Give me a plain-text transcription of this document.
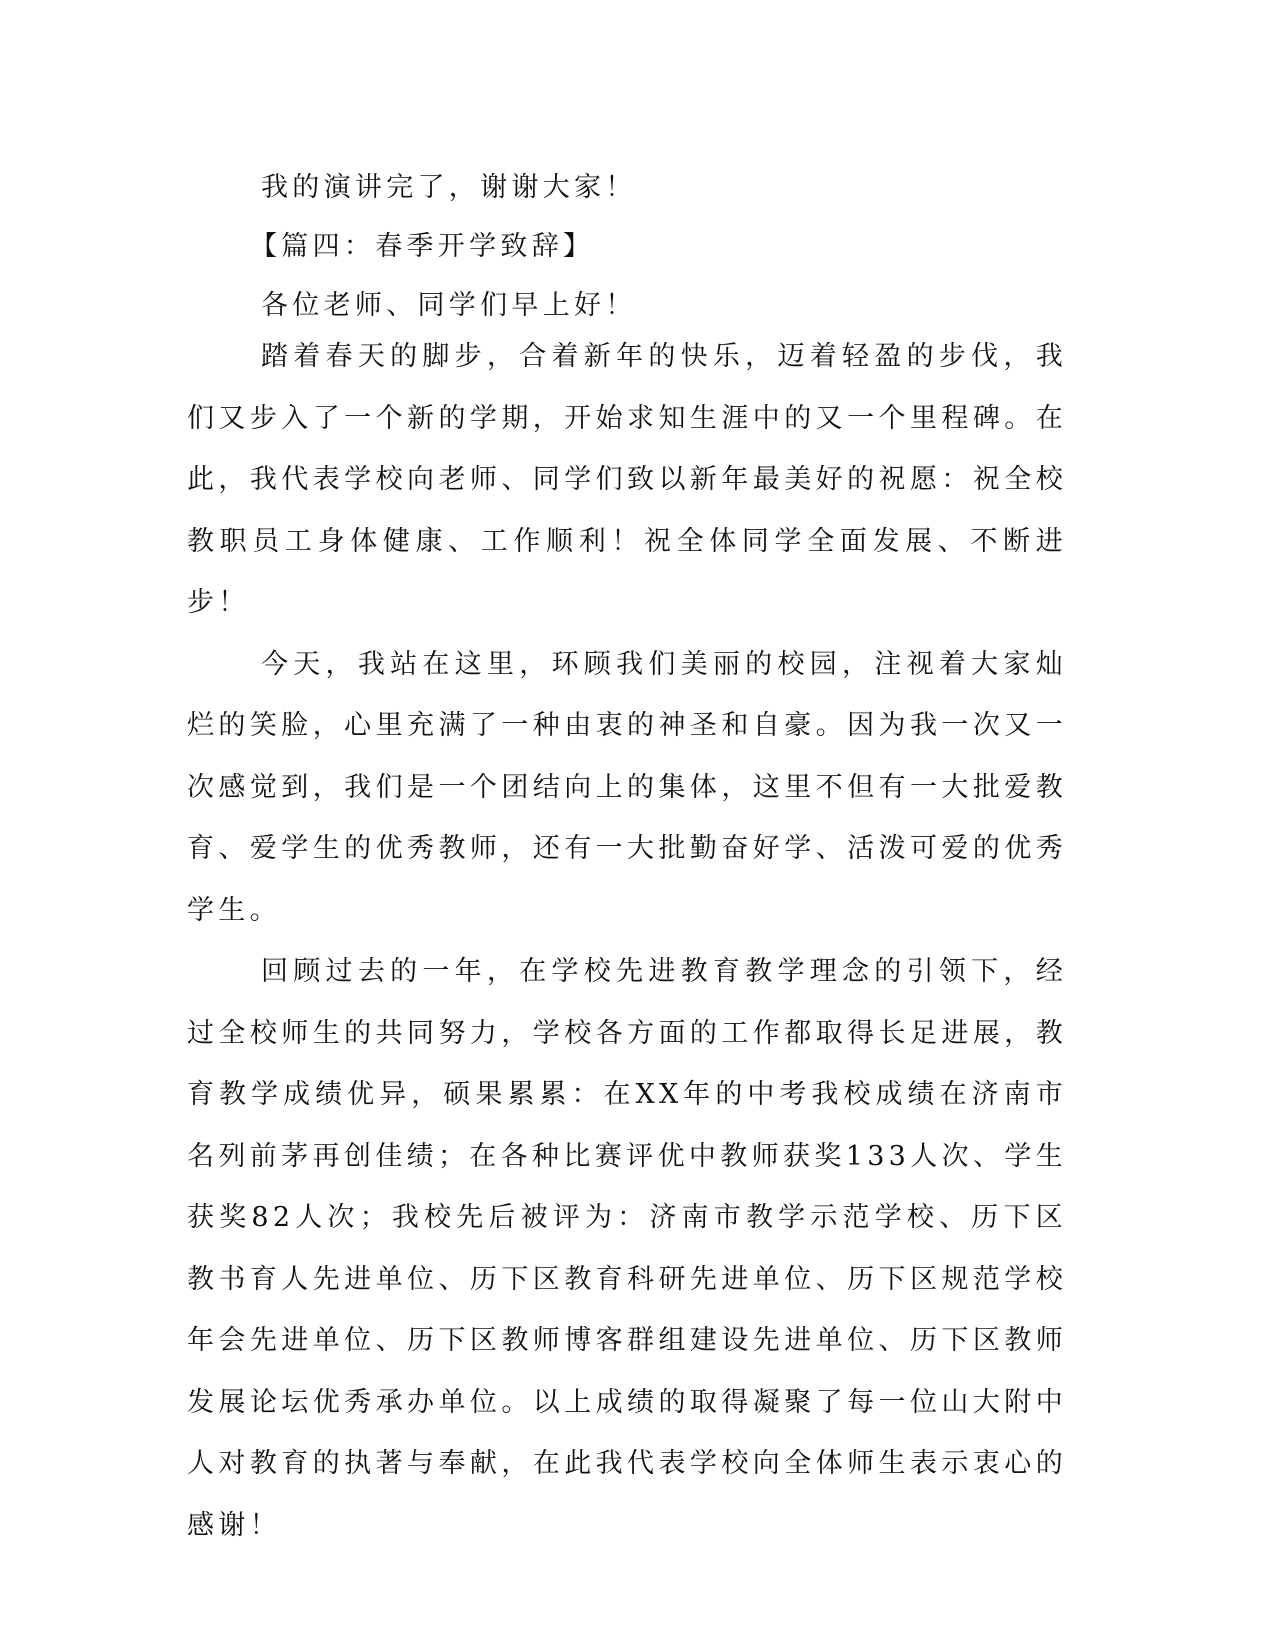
我的演讲完了，谢谢大家！
【篇四：春季开学致辞】
各位老师、同学们早上好！

踏着春天的脚步，合着新年的快乐，迈着轻盈的步伐，我们又步入了一个新的学期，开始求知生涯中的又一个里程碑。在此，我代表学校向老师、同学们致以新年最美好的祝愿：祝全校教职员工身体健康、工作顺利！祝全体同学全面发展、不断进步！

今天，我站在这里，环顾我们美丽的校园，注视着大家灿烂的笑脸，心里充满了一种由衷的神圣和自豪。因为我一次又一次感觉到，我们是一个团结向上的集体，这里不但有一大批爱教育、爱学生的优秀教师，还有一大批勤奋好学、活泼可爱的优秀学生。

回顾过去的一年，在学校先进教育教学理念的引领下，经过全校师生的共同努力，学校各方面的工作都取得长足进展，教育教学成绩优异，硕果累累：在XX年的中考我校成绩在济南市名列前茅再创佳绩；在各种比赛评优中教师获奖133人次、学生获奖82人次；我校先后被评为：济南市教学示范学校、历下区教书育人先进单位、历下区教育科研先进单位、历下区规范学校年会先进单位、历下区教师博客群组建设先进单位、历下区教师发展论坛优秀承办单位。以上成绩的取得凝聚了每一位山大附中人对教育的执著与奉献，在此我代表学校向全体师生表示衷心的感谢！
